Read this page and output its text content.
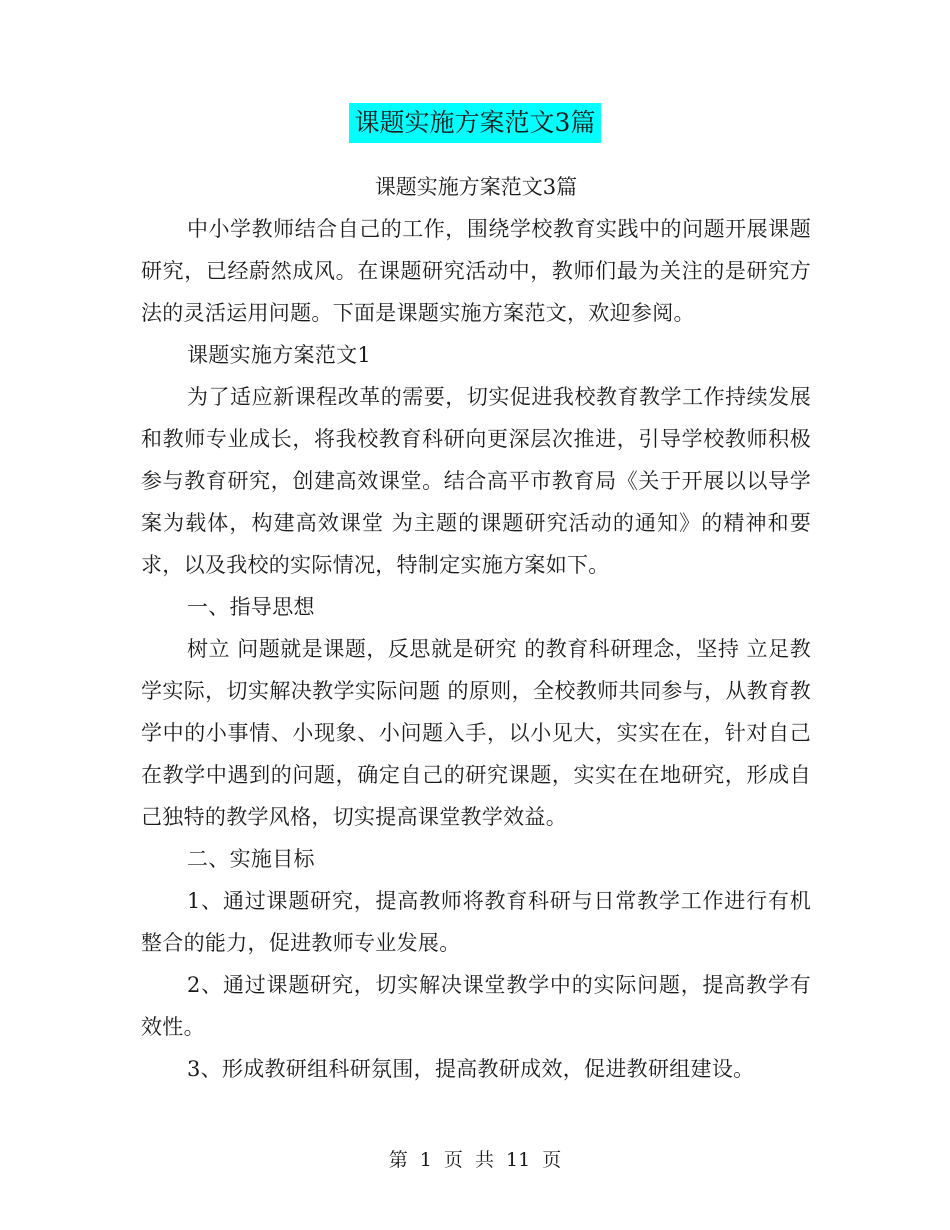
课题实施方案范文3篇

课题实施方案范文3篇

中小学教师结合自己的工作，围绕学校教育实践中的问题开展课题研究，已经蔚然成风。在课题研究活动中，教师们最为关注的是研究方法的灵活运用问题。下面是课题实施方案范文，欢迎参阅。

课题实施方案范文1

为了适应新课程改革的需要，切实促进我校教育教学工作持续发展和教师专业成长，将我校教育科研向更深层次推进，引导学校教师积极参与教育研究，创建高效课堂。结合高平市教育局《关于开展以以导学案为载体，构建高效课堂 为主题的课题研究活动的通知》的精神和要求，以及我校的实际情况，特制定实施方案如下。

一、指导思想

树立 问题就是课题，反思就是研究 的教育科研理念，坚持 立足教学实际，切实解决教学实际问题 的原则，全校教师共同参与，从教育教学中的小事情、小现象、小问题入手，以小见大，实实在在，针对自己在教学中遇到的问题，确定自己的研究课题，实实在在地研究，形成自己独特的教学风格，切实提高课堂教学效益。

二、实施目标

1、通过课题研究，提高教师将教育科研与日常教学工作进行有机整合的能力，促进教师专业发展。

2、通过课题研究，切实解决课堂教学中的实际问题，提高教学有效性。

3、形成教研组科研氛围，提高教研成效，促进教研组建设。

第 1 页 共 11 页
